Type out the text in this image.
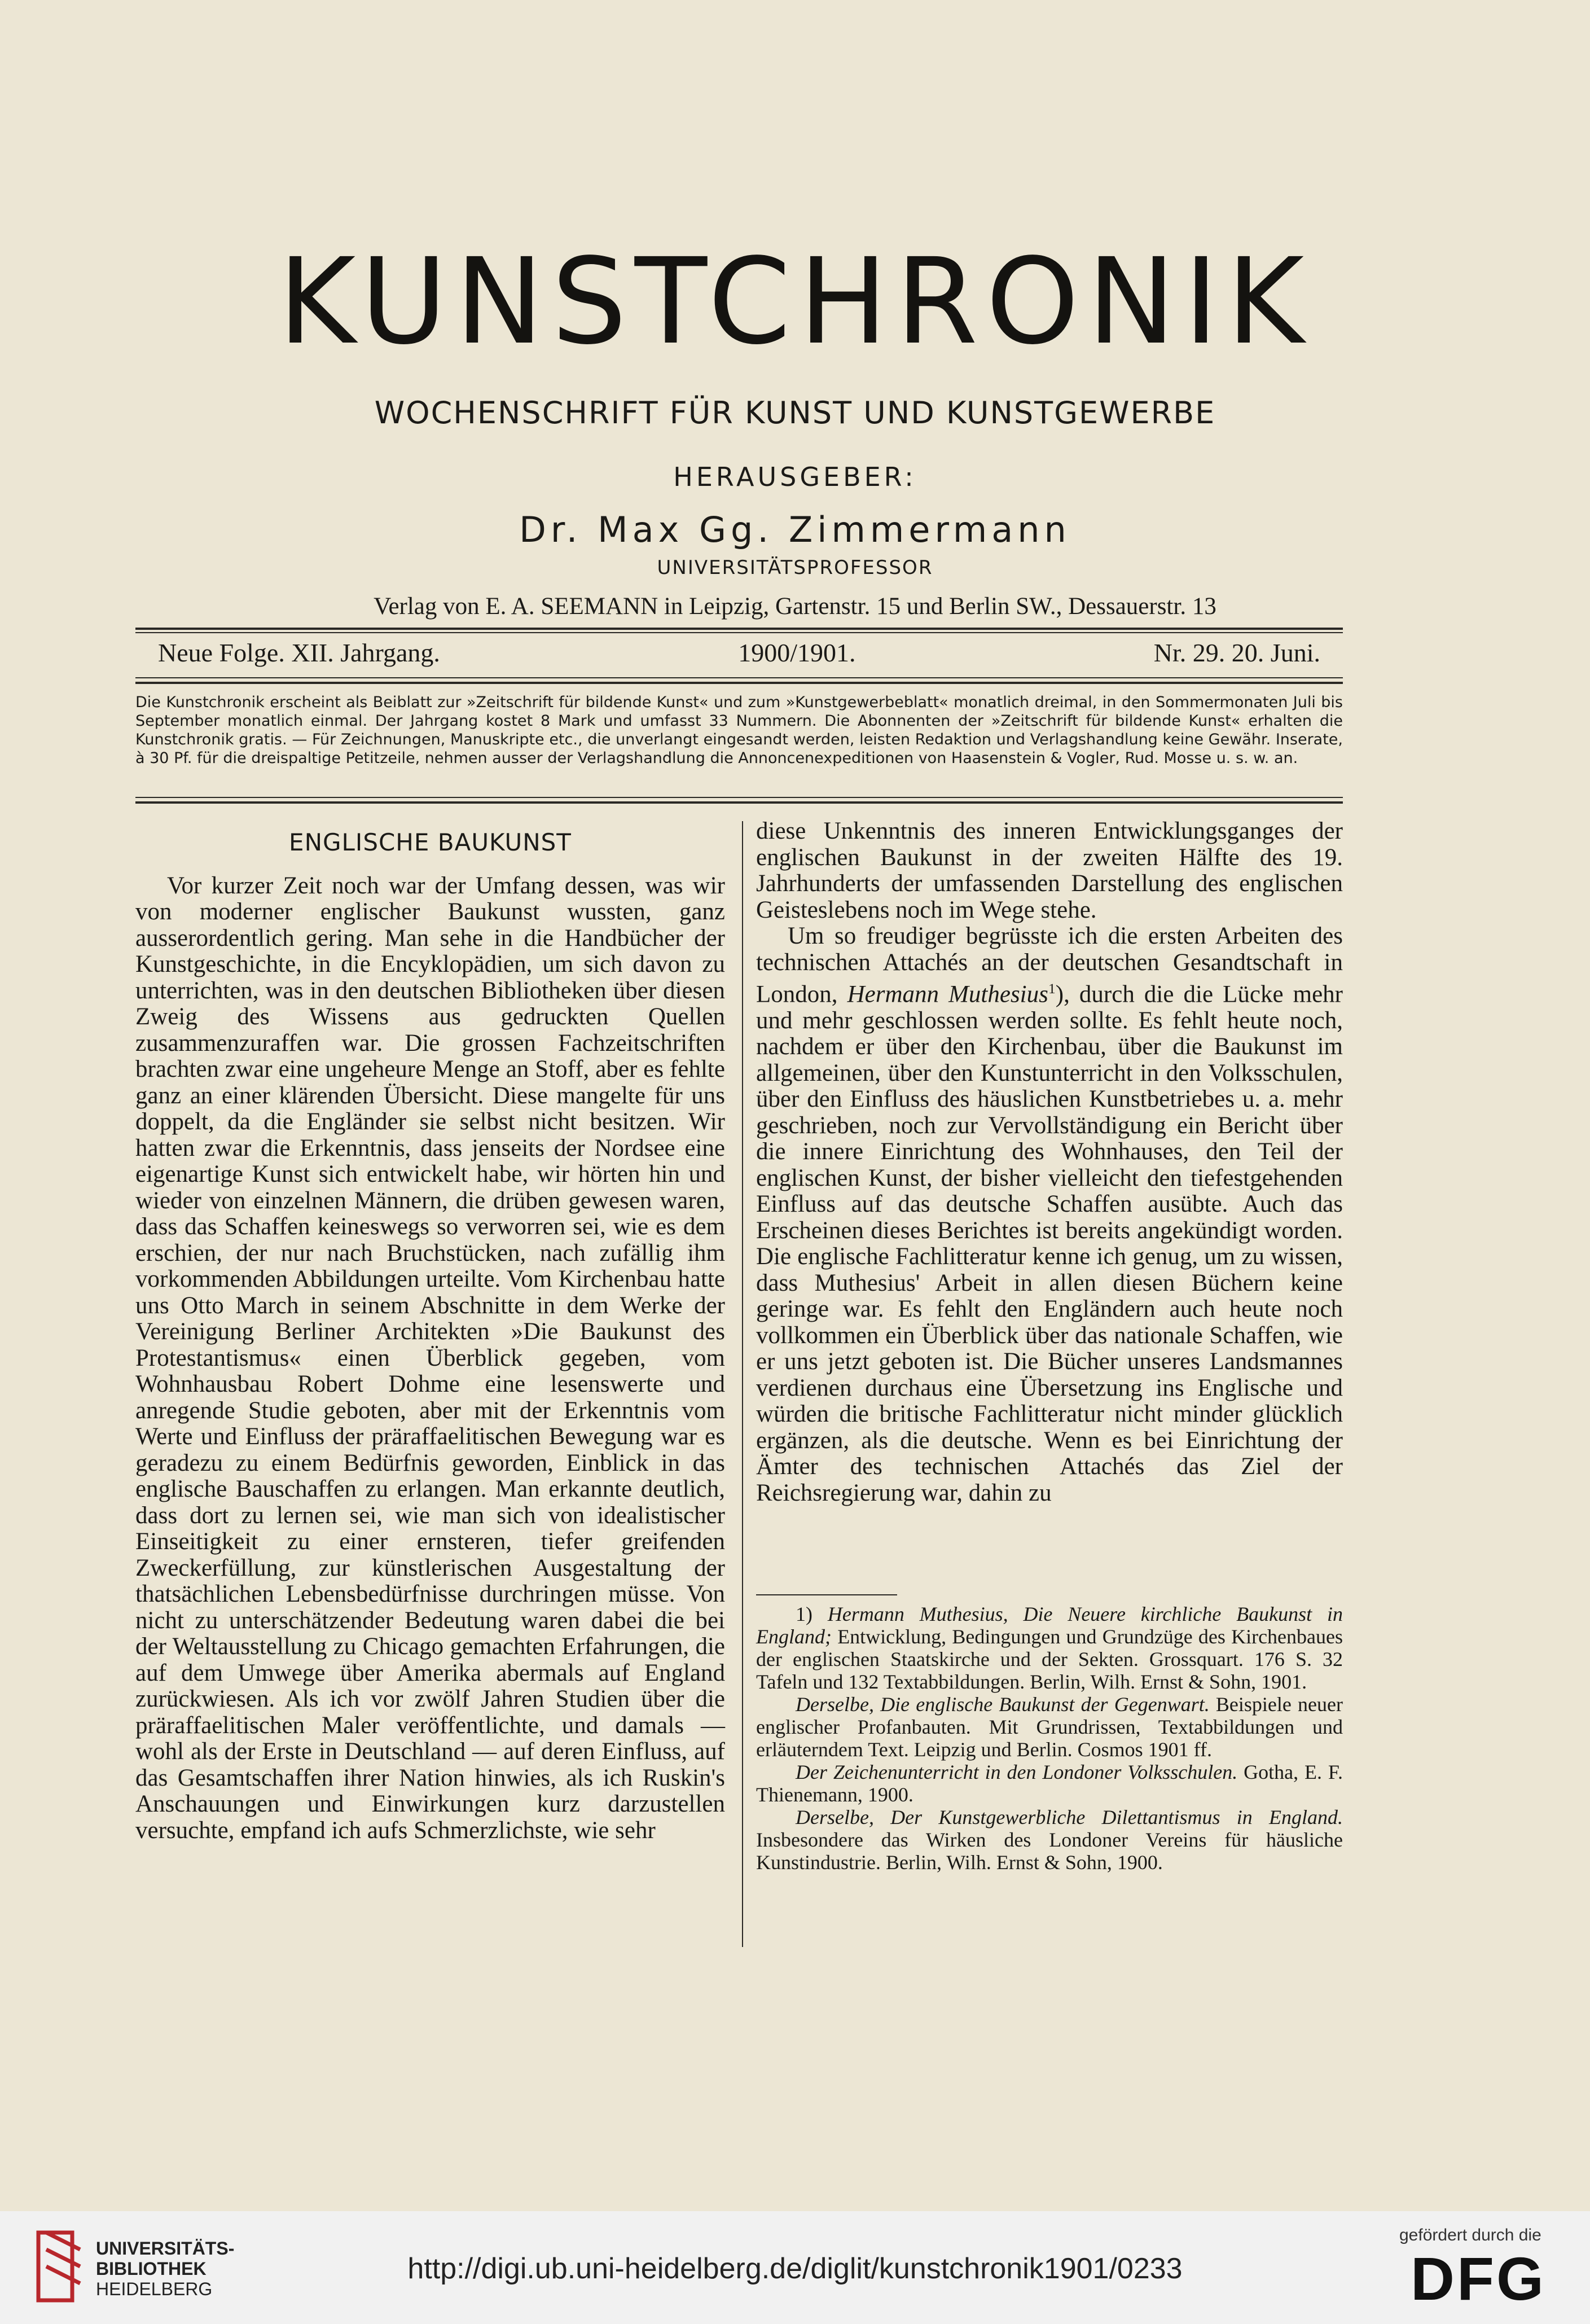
KUNSTCHRONIK
WOCHENSCHRIFT FÜR KUNST UND KUNSTGEWERBE
HERAUSGEBER:
Dr. Max Gg. Zimmermann
UNIVERSITÄTSPROFESSOR
Verlag von E. A. SEEMANN in Leipzig, Gartenstr. 15 und Berlin SW., Dessauerstr. 13
Neue Folge. XII. Jahrgang.	1900/1901.	Nr. 29. 20. Juni.
Die Kunstchronik erscheint als Beiblatt zur »Zeitschrift für bildende Kunst« und zum »Kunstgewerbeblatt« monatlich dreimal, in den Sommermonaten Juli bis September monatlich einmal. Der Jahrgang kostet 8 Mark und umfasst 33 Nummern. Die Abonnenten der »Zeitschrift für bildende Kunst« erhalten die Kunstchronik gratis. — Für Zeichnungen, Manuskripte etc., die unverlangt eingesandt werden, leisten Redaktion und Verlagshandlung keine Gewähr. Inserate, à 30 Pf. für die dreispaltige Petitzeile, nehmen ausser der Verlagshandlung die Annoncenexpeditionen von Haasenstein & Vogler, Rud. Mosse u. s. w. an.
ENGLISCHE BAUKUNST

Vor kurzer Zeit noch war der Umfang dessen, was wir von moderner englischer Baukunst wussten, ganz ausserordentlich gering. Man sehe in die Handbücher der Kunstgeschichte, in die Encyklopädien, um sich davon zu unterrichten, was in den deutschen Bibliotheken über diesen Zweig des Wissens aus gedruckten Quellen zusammenzuraffen war. Die grossen Fachzeitschriften brachten zwar eine ungeheure Menge an Stoff, aber es fehlte ganz an einer klärenden Übersicht. Diese mangelte für uns doppelt, da die Engländer sie selbst nicht besitzen. Wir hatten zwar die Erkenntnis, dass jenseits der Nordsee eine eigenartige Kunst sich entwickelt habe, wir hörten hin und wieder von einzelnen Männern, die drüben gewesen waren, dass das Schaffen keineswegs so verworren sei, wie es dem erschien, der nur nach Bruchstücken, nach zufällig ihm vorkommenden Abbildungen urteilte. Vom Kirchenbau hatte uns Otto March in seinem Abschnitte in dem Werke der Vereinigung Berliner Architekten »Die Baukunst des Protestantismus« einen Überblick gegeben, vom Wohnhausbau Robert Dohme eine lesenswerte und anregende Studie geboten, aber mit der Erkenntnis vom Werte und Einfluss der präraffaelitischen Bewegung war es geradezu zu einem Bedürfnis geworden, Einblick in das englische Bauschaffen zu erlangen. Man erkannte deutlich, dass dort zu lernen sei, wie man sich von idealistischer Einseitigkeit zu einer ernsteren, tiefer greifenden Zweckerfüllung, zur künstlerischen Ausgestaltung der thatsächlichen Lebensbedürfnisse durchringen müsse. Von nicht zu unterschätzender Bedeutung waren dabei die bei der Weltausstellung zu Chicago gemachten Erfahrungen, die auf dem Umwege über Amerika abermals auf England zurückwiesen. Als ich vor zwölf Jahren Studien über die präraffaelitischen Maler veröffentlichte, und damals — wohl als der Erste in Deutschland — auf deren Einfluss, auf das Gesamtschaffen ihrer Nation hinwies, als ich Ruskin's Anschauungen und Einwirkungen kurz darzustellen versuchte, empfand ich aufs Schmerzlichste, wie sehr

diese Unkenntnis des inneren Entwicklungsganges der englischen Baukunst in der zweiten Hälfte des 19. Jahrhunderts der umfassenden Darstellung des englischen Geisteslebens noch im Wege stehe.

Um so freudiger begrüsste ich die ersten Arbeiten des technischen Attachés an der deutschen Gesandtschaft in London, Hermann Muthesius$^1$), durch die die Lücke mehr und mehr geschlossen werden sollte. Es fehlt heute noch, nachdem er über den Kirchenbau, über die Baukunst im allgemeinen, über den Kunstunterricht in den Volksschulen, über den Einfluss des häuslichen Kunstbetriebes u. a. mehr geschrieben, noch zur Vervollständigung ein Bericht über die innere Einrichtung des Wohnhauses, den Teil der englischen Kunst, der bisher vielleicht den tiefestgehenden Einfluss auf das deutsche Schaffen ausübte. Auch das Erscheinen dieses Berichtes ist bereits angekündigt worden. Die englische Fachlitteratur kenne ich genug, um zu wissen, dass Muthesius' Arbeit in allen diesen Büchern keine geringe war. Es fehlt den Engländern auch heute noch vollkommen ein Überblick über das nationale Schaffen, wie er uns jetzt geboten ist. Die Bücher unseres Landsmannes verdienen durchaus eine Übersetzung ins Englische und würden die britische Fachlitteratur nicht minder glücklich ergänzen, als die deutsche. Wenn es bei Einrichtung der Ämter des technischen Attachés das Ziel der Reichsregierung war, dahin zu

1) Hermann Muthesius, Die Neuere kirchliche Baukunst in England; Entwicklung, Bedingungen und Grundzüge des Kirchenbaues der englischen Staatskirche und der Sekten. Grossquart. 176 S. 32 Tafeln und 132 Textabbildungen. Berlin, Wilh. Ernst & Sohn, 1901.

Derselbe, Die englische Baukunst der Gegenwart. Beispiele neuer englischer Profanbauten. Mit Grundrissen, Textabbildungen und erläuterndem Text. Leipzig und Berlin. Cosmos 1901 ff.

Der Zeichenunterricht in den Londoner Volksschulen. Gotha, E. F. Thienemann, 1900.

Derselbe, Der Kunstgewerbliche Dilettantismus in England. Insbesondere das Wirken des Londoner Vereins für häusliche Kunstindustrie. Berlin, Wilh. Ernst & Sohn, 1900.

UNIVERSITÄTS-
BIBLIOTHEK
HEIDELBERG
http://digi.ub.uni-heidelberg.de/diglit/kunstchronik1901/0233
gefördert durch die
DFG
